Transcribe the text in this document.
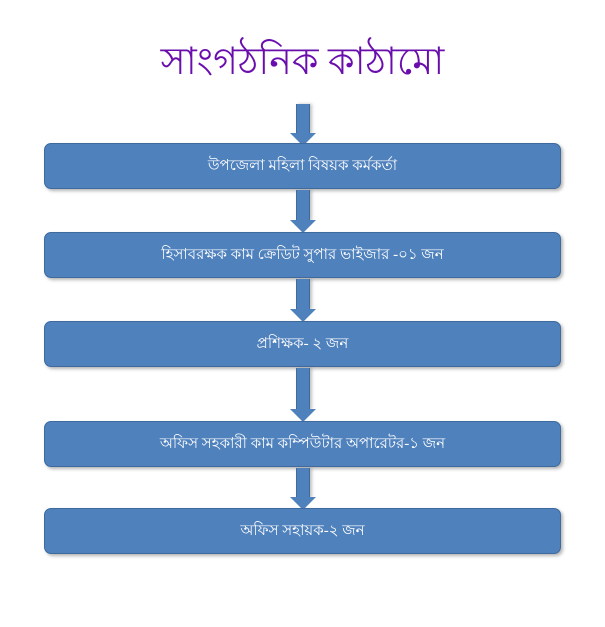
সাংগঠনিক কাঠামো
উপজেলা মহিলা বিষয়ক কর্মকর্তা
হিসাবরক্ষক কাম ক্রেডিট সুপার ভাইজার -০১ জন
প্রশিক্ষক- ২ জন
অফিস সহকারী কাম কম্পিউটার অপারেটর-১ জন
অফিস সহায়ক-২ জন
